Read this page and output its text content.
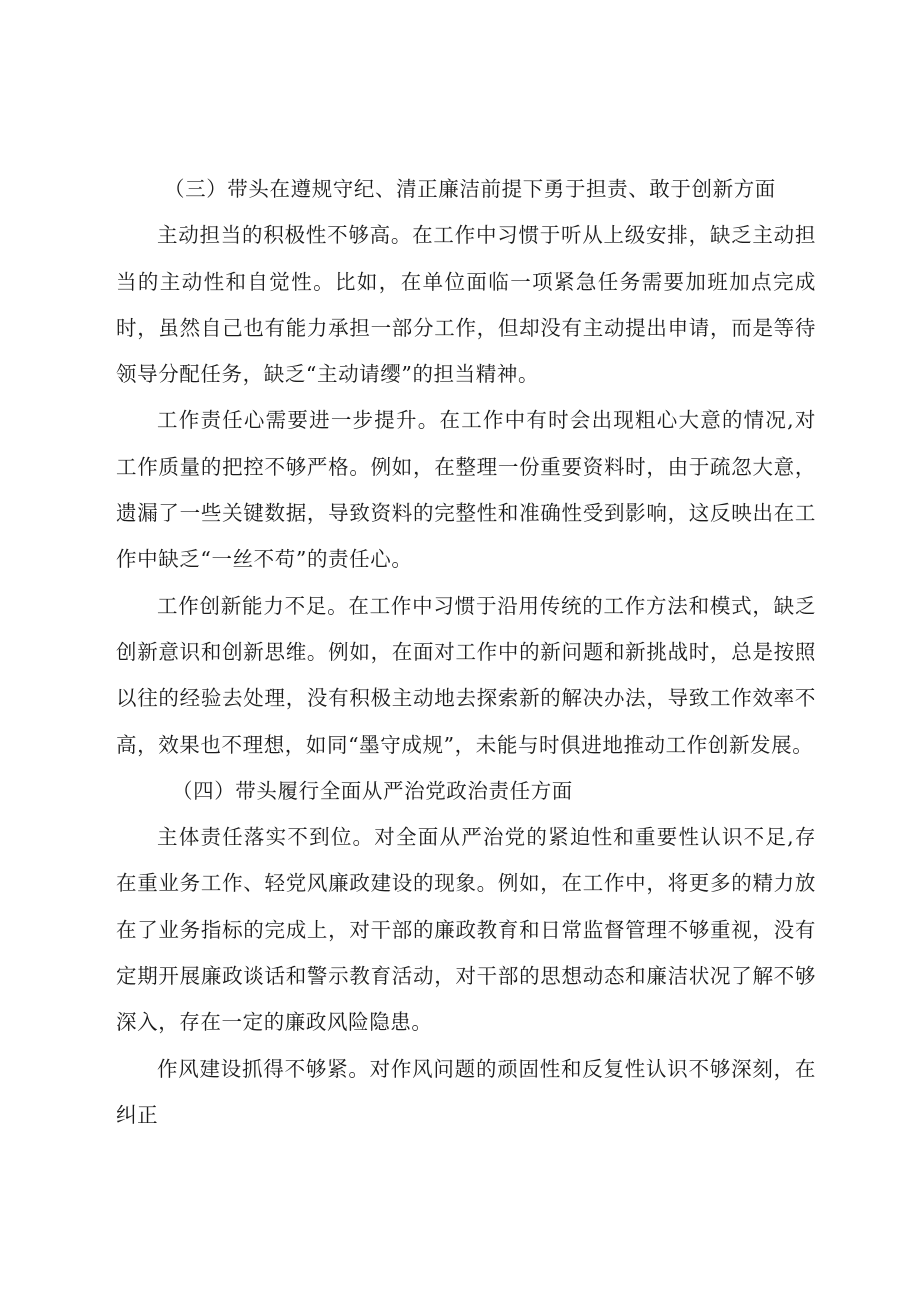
（三）带头在遵规守纪、清正廉洁前提下勇于担责、敢于创新方面

主动担当的积极性不够高。在工作中习惯于听从上级安排，缺乏主动担当的主动性和自觉性。比如，在单位面临一项紧急任务需要加班加点完成时，虽然自己也有能力承担一部分工作，但却没有主动提出申请，而是等待领导分配任务，缺乏“主动请缨”的担当精神。

工作责任心需要进一步提升。在工作中有时会出现粗心大意的情况,对工作质量的把控不够严格。例如，在整理一份重要资料时，由于疏忽大意，遗漏了一些关键数据，导致资料的完整性和准确性受到影响，这反映出在工作中缺乏“一丝不苟”的责任心。

工作创新能力不足。在工作中习惯于沿用传统的工作方法和模式，缺乏创新意识和创新思维。例如，在面对工作中的新问题和新挑战时，总是按照以往的经验去处理，没有积极主动地去探索新的解决办法，导致工作效率不高，效果也不理想，如同“墨守成规”，未能与时俱进地推动工作创新发展。

（四）带头履行全面从严治党政治责任方面

主体责任落实不到位。对全面从严治党的紧迫性和重要性认识不足,存在重业务工作、轻党风廉政建设的现象。例如，在工作中，将更多的精力放在了业务指标的完成上，对干部的廉政教育和日常监督管理不够重视，没有定期开展廉政谈话和警示教育活动，对干部的思想动态和廉洁状况了解不够深入，存在一定的廉政风险隐患。

作风建设抓得不够紧。对作风问题的顽固性和反复性认识不够深刻，在纠正
